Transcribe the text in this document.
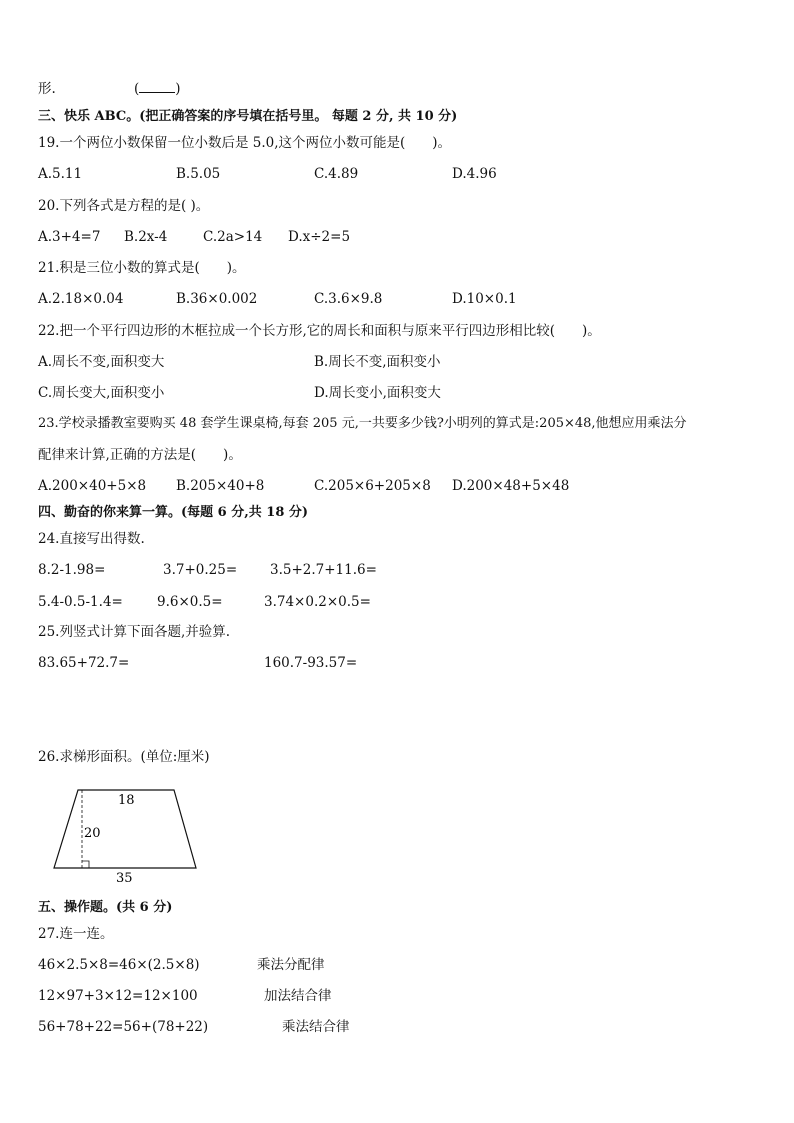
形.	(	)
三、快乐 ABC。(把正确答案的序号填在括号里。 每题 2 分, 共 10 分)
19.一个两位小数保留一位小数后是 5.0,这个两位小数可能是(　　)。
A.5.11	B.5.05	C.4.89	D.4.96
20.下列各式是方程的是( )。
A.3+4=7 B.2x-4	C.2a>14 D.x÷2=5
21.积是三位小数的算式是(　　)。
A.2.18×0.04	B.36×0.002	C.3.6×9.8	D.10×0.1
22.把一个平行四边形的木框拉成一个长方形,它的周长和面积与原来平行四边形相比较(　　)。
A.周长不变,面积变大	B.周长不变,面积变小
C.周长变大,面积变小	D.周长变小,面积变大
23.学校录播教室要购买 48 套学生课桌椅,每套 205 元,一共要多少钱?小明列的算式是:205×48,他想应用乘法分
配律来计算,正确的方法是(　　)。
A.200×40+5×8 B.205×40+8	C.205×6+205×8 D.200×48+5×48
四、勤奋的你来算一算。(每题 6 分,共 18 分)
24.直接写出得数.
8.2-1.98=	3.7+0.25= 3.5+2.7+11.6=
5.4-0.5-1.4=	9.6×0.5=	3.74×0.2×0.5=
25.列竖式计算下面各题,并验算.
83.65+72.7=	160.7-93.57=
26.求梯形面积。(单位:厘米)
18
20
35
五、操作题。(共 6 分)
27.连一连。
46×2.5×8=46×(2.5×8)	乘法分配律
12×97+3×12=12×100	加法结合律
56+78+22=56+(78+22)	乘法结合律
